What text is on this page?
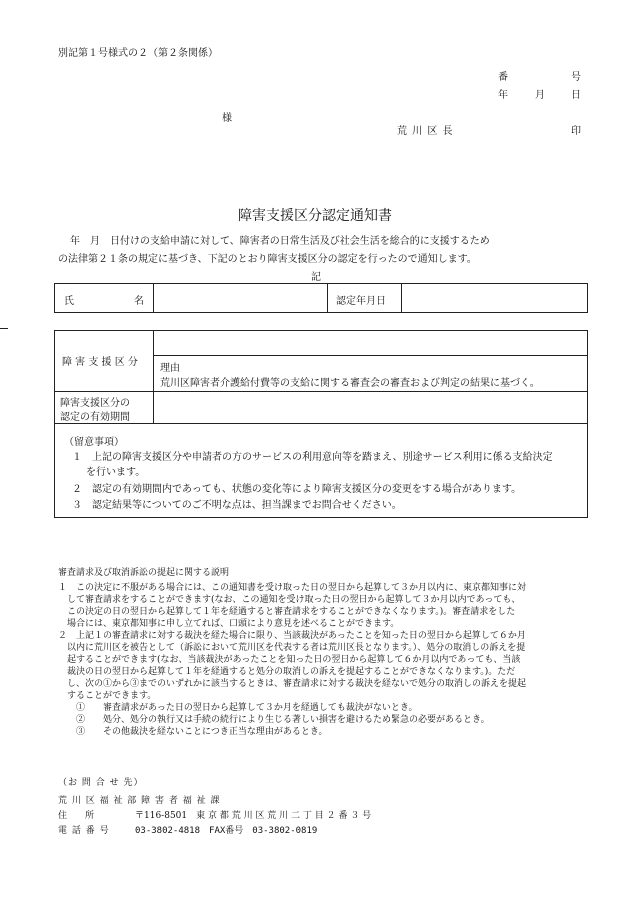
別記第１号様式の２（第２条関係）
番	号
年	月	日
様
荒 川 区 長	印
障害支援区分認定通知書
年　月　日付けの支給申請に対して、障害者の日常生活及び社会生活を総合的に支援するため
の法律第２１条の規定に基づき、下記のとおり障害支援区分の認定を行ったので通知します。
記
氏	名	認定年月日
障 害 支 援 区 分
理由
荒川区障害者介護給付費等の支給に関する審査会の審査および判定の結果に基づく。
障害支援区分の
認定の有効期間
（留意事項）
１　上記の障害支援区分や申請者の方のサービスの利用意向等を踏まえ、別途サービス利用に係る支給決定
を行います。
２　認定の有効期間内であっても、状態の変化等により障害支援区分の変更をする場合があります。
３　認定結果等についてのご不明な点は、担当課までお問合せください。
審査請求及び取消訴訟の提起に関する説明
１　この決定に不服がある場合には、この通知書を受け取った日の翌日から起算して３か月以内に、東京都知事に対
　して審査請求をすることができます(なお、この通知を受け取った日の翌日から起算して３か月以内であっても、
　この決定の日の翌日から起算して１年を経過すると審査請求をすることができなくなります。)。審査請求をした
　場合には、東京都知事に申し立てれば、口頭により意見を述べることができます。
２　上記１の審査請求に対する裁決を経た場合に限り、当該裁決があったことを知った日の翌日から起算して６か月
　以内に荒川区を被告として（訴訟において荒川区を代表する者は荒川区長となります。）、処分の取消しの訴えを提
　起することができます(なお、当該裁決があったことを知った日の翌日から起算して６か月以内であっても、当該
　裁決の日の翌日から起算して１年を経過すると処分の取消しの訴えを提起することができなくなります。)。ただ
　し、次の①から③までのいずれかに該当するときは、審査請求に対する裁決を経ないで処分の取消しの訴えを提起
　することができます。
　　①　　審査請求があった日の翌日から起算して３か月を経過しても裁決がないとき。
　　②　　処分、処分の執行又は手続の続行により生じる著しい損害を避けるため緊急の必要があるとき。
　　③　　その他裁決を経ないことにつき正当な理由があるとき。
（お 問 合 せ 先）
荒 川 区 福 祉 部 障 害 者 福 祉 課
住　　所	〒116-8501　東 京 都 荒 川 区 荒 川 二 丁 目 ２ 番 ３ 号
電 話 番 号	03-3802-4818　FAX番号　03-3802-0819
